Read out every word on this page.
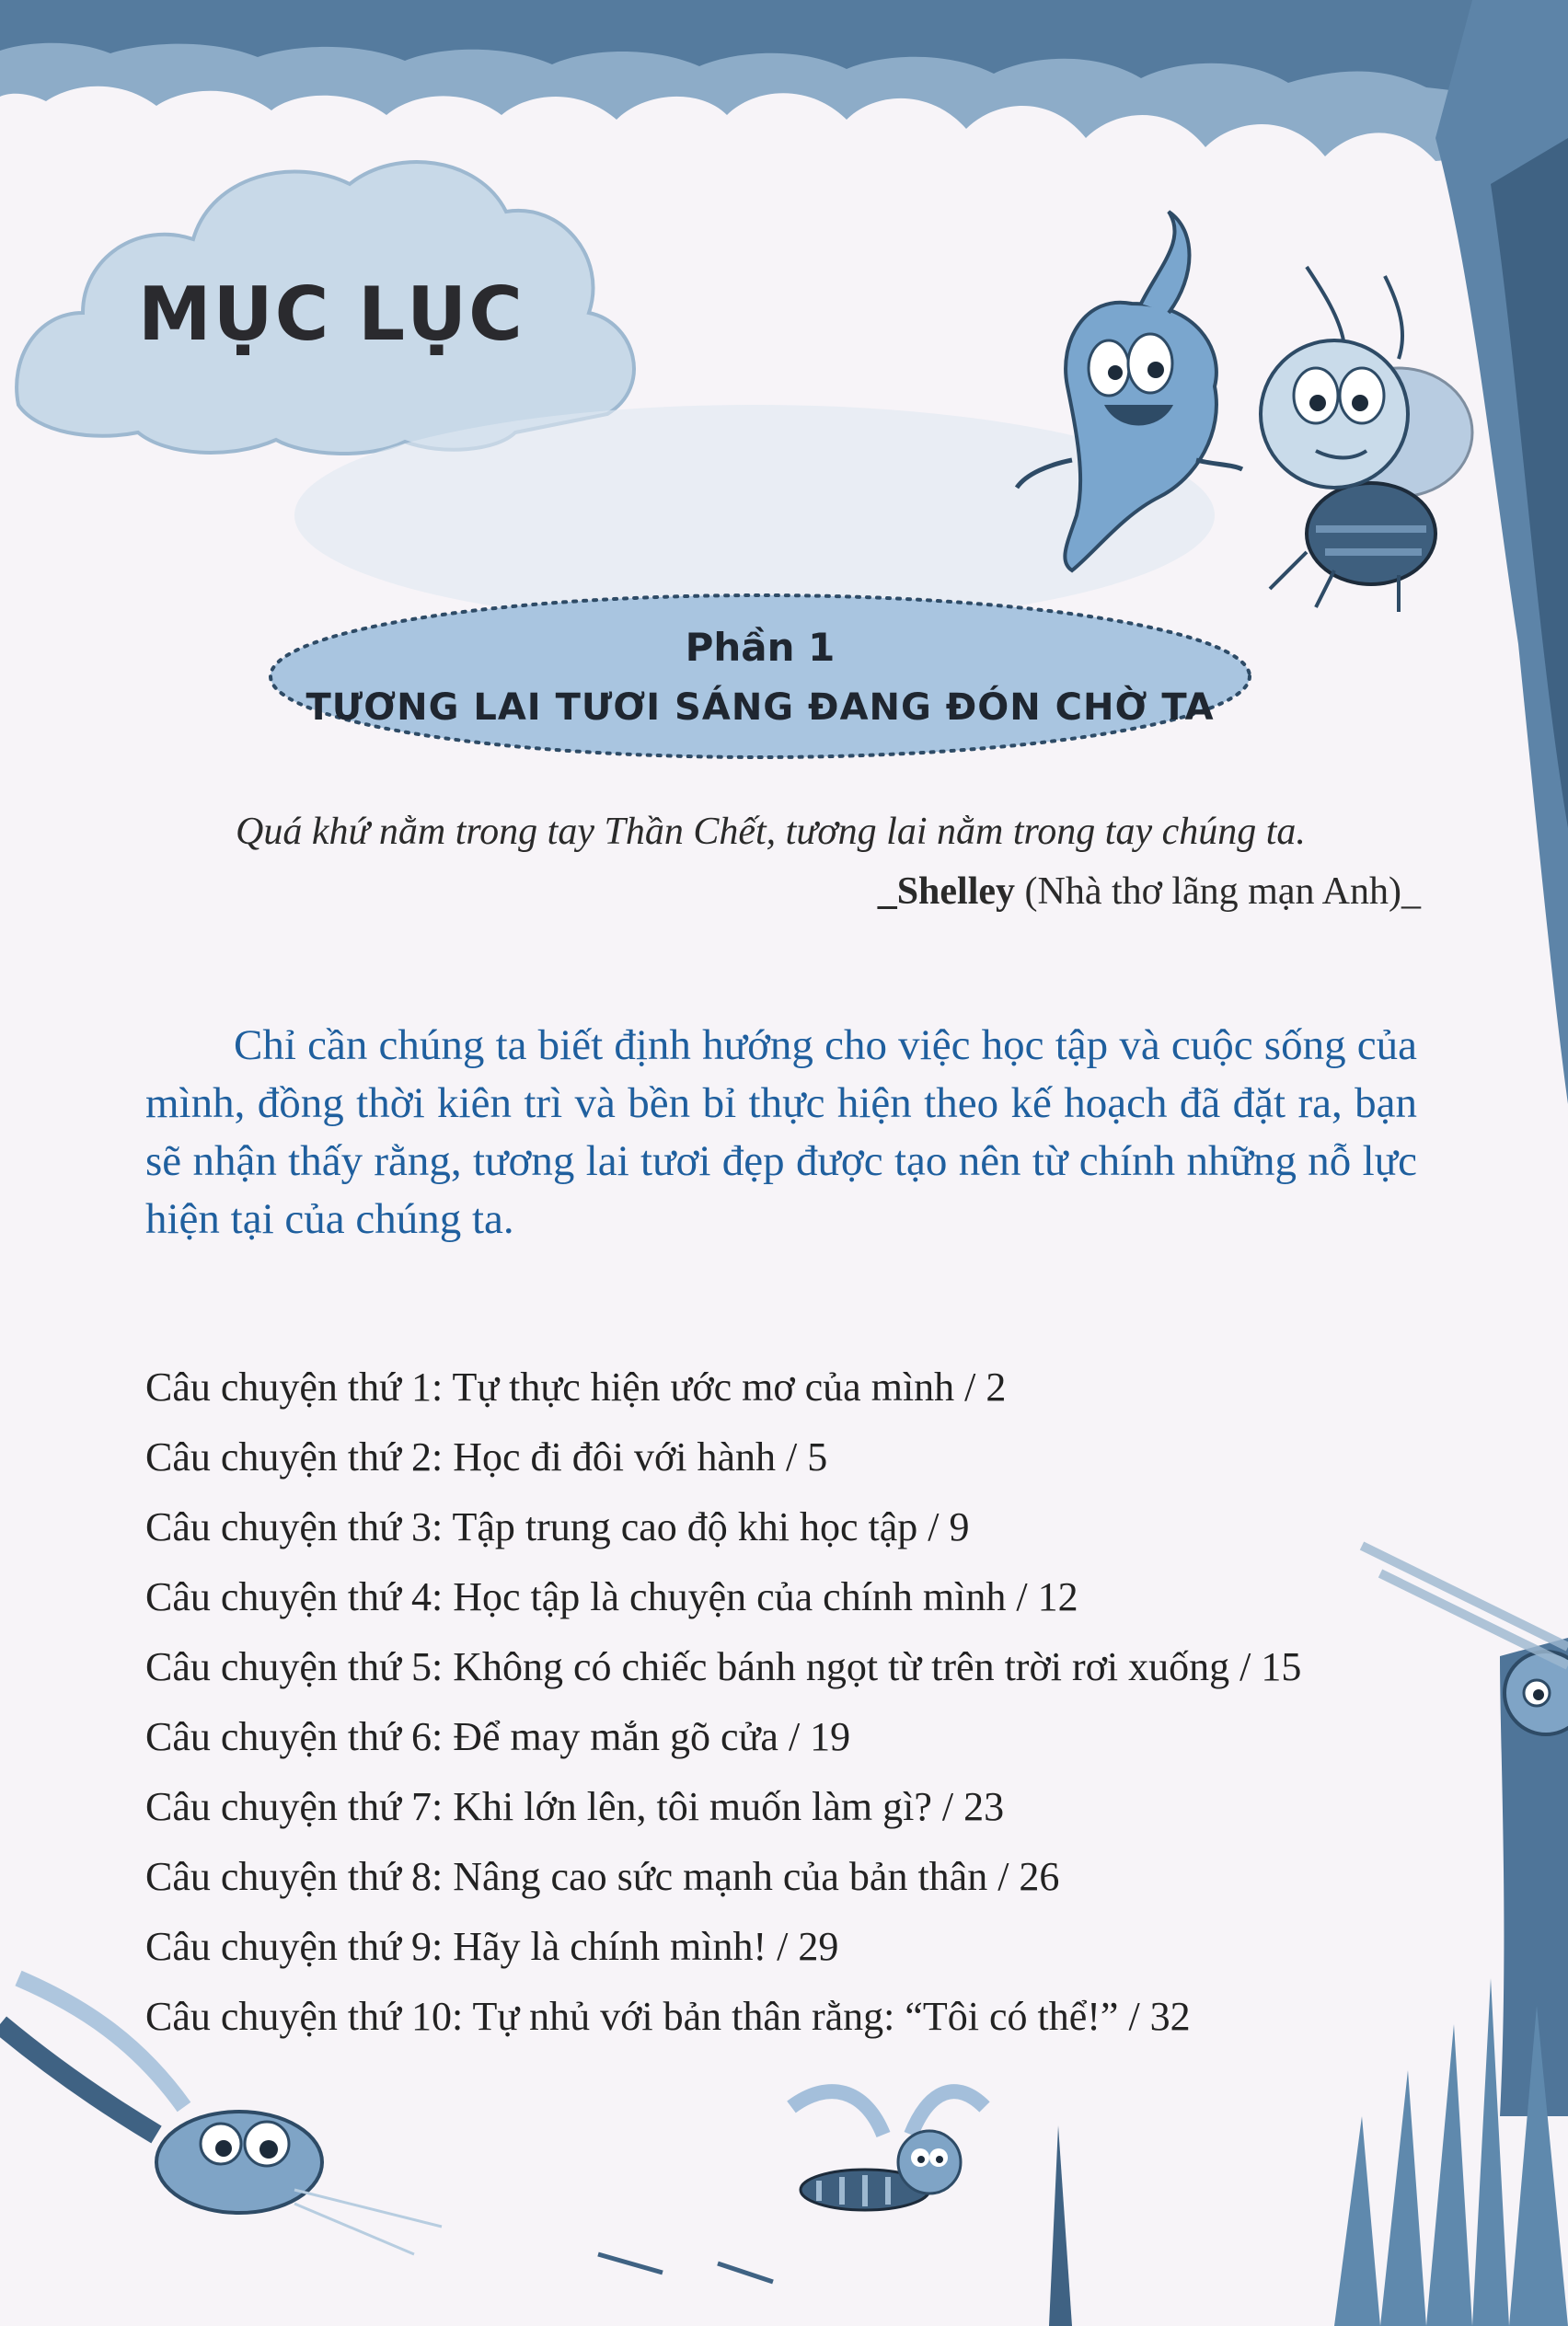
MỤC LỤC
Phần 1
TƯƠNG LAI TƯƠI SÁNG ĐANG ĐÓN CHỜ TA

Quá khứ nằm trong tay Thần Chết, tương lai nằm trong tay chúng ta.

_Shelley (Nhà thơ lãng mạn Anh)_

Chỉ cần chúng ta biết định hướng cho việc học tập và cuộc sống của mình, đồng thời kiên trì và bền bỉ thực hiện theo kế hoạch đã đặt ra, bạn sẽ nhận thấy rằng, tương lai tươi đẹp được tạo nên từ chính những nỗ lực hiện tại của chúng ta.

Câu chuyện thứ 1: Tự thực hiện ước mơ của mình / 2
Câu chuyện thứ 2: Học đi đôi với hành / 5
Câu chuyện thứ 3: Tập trung cao độ khi học tập / 9
Câu chuyện thứ 4: Học tập là chuyện của chính mình / 12
Câu chuyện thứ 5: Không có chiếc bánh ngọt từ trên trời rơi xuống / 15
Câu chuyện thứ 6: Để may mắn gõ cửa / 19
Câu chuyện thứ 7: Khi lớn lên, tôi muốn làm gì? / 23
Câu chuyện thứ 8: Nâng cao sức mạnh của bản thân / 26
Câu chuyện thứ 9: Hãy là chính mình! / 29
Câu chuyện thứ 10: Tự nhủ với bản thân rằng: “Tôi có thể!” / 32
